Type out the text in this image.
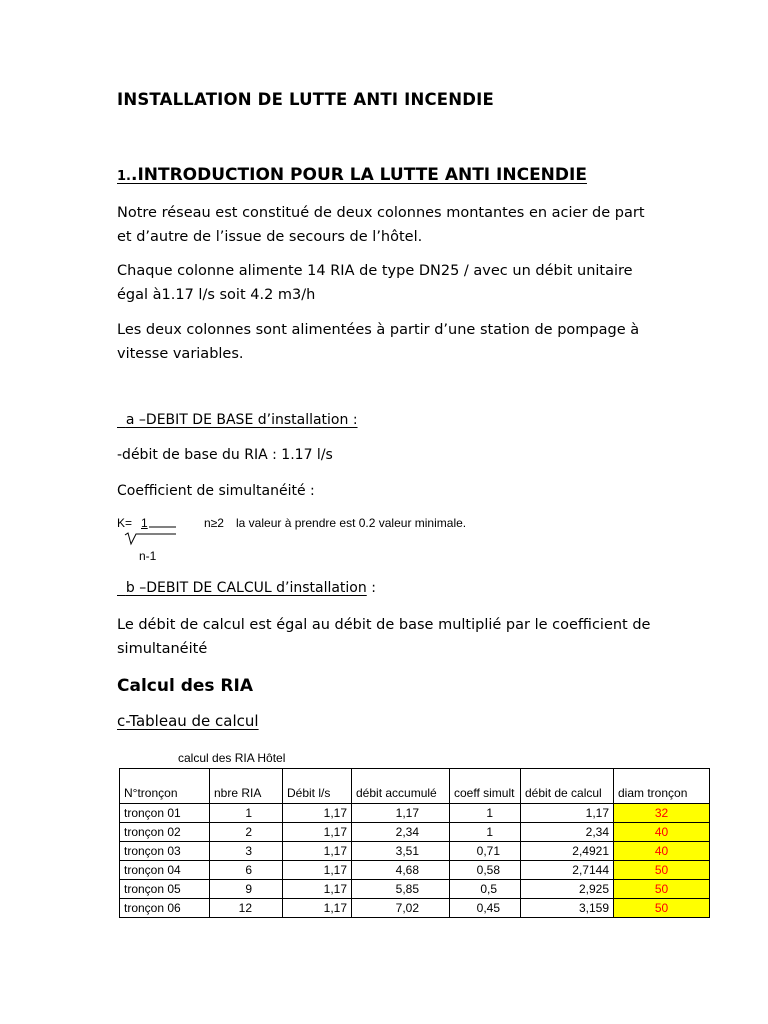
INSTALLATION DE LUTTE ANTI INCENDIE
1..INTRODUCTION POUR LA LUTTE ANTI INCENDIE
Notre réseau est constitué de deux colonnes montantes en acier de part et d’autre de l’issue de secours de l’hôtel.
Chaque colonne alimente 14 RIA de type DN25 / avec un débit unitaire égal à1.17 l/s soit 4.2 m3/h
Les deux colonnes sont alimentées à partir d’une station de pompage à vitesse variables.
a –DEBIT DE BASE d’installation :
-débit de base du RIA : 1.17 l/s
Coefficient de simultanéité :
K= 1	n≥2 la valeur à prendre est 0.2 valeur minimale.
n-1
b –DEBIT DE CALCUL d’installation :
Le débit de calcul est égal au débit de base multiplié par le coefficient de simultanéité
Calcul des RIA
c-Tableau de calcul
calcul des RIA Hôtel
N°tronçon	nbre RIA	Débit l/s	débit accumulé	coeff simult	débit de calcul	diam tronçon
tronçon 01	1	1,17	1,17	1	1,17	32
tronçon 02	2	1,17	2,34	1	2,34	40
tronçon 03	3	1,17	3,51	0,71	2,4921	40
tronçon 04	6	1,17	4,68	0,58	2,7144	50
tronçon 05	9	1,17	5,85	0,5	2,925	50
tronçon 06	12	1,17	7,02	0,45	3,159	50
